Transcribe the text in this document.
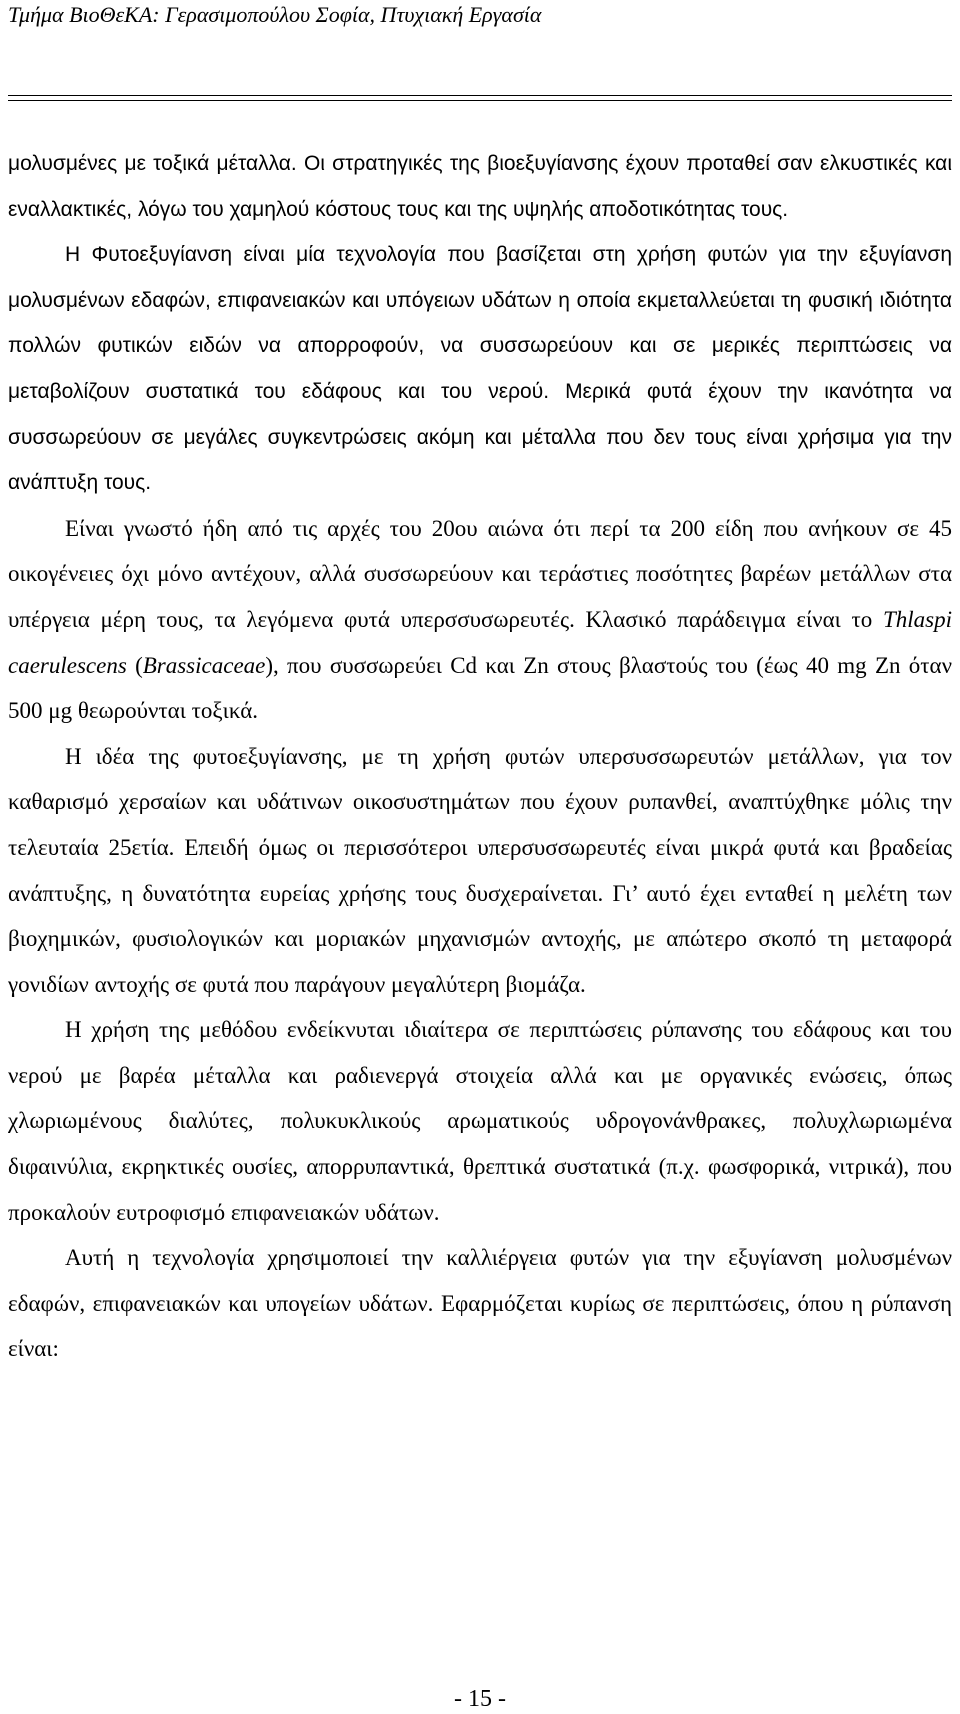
Τμήμα ΒιοΘεΚΑ: Γερασιμοπούλου Σοφία, Πτυχιακή Εργασία

μολυσμένες με τοξικά μέταλλα. Οι στρατηγικές της βιοεξυγίανσης έχουν προταθεί σαν ελκυστικές και εναλλακτικές, λόγω του χαμηλού κόστους τους και της υψηλής αποδοτικότητας τους.

Η Φυτοεξυγίανση είναι μία τεχνολογία που βασίζεται στη χρήση φυτών για την εξυγίανση μολυσμένων εδαφών, επιφανειακών και υπόγειων υδάτων η οποία εκμεταλλεύεται τη φυσική ιδιότητα πολλών φυτικών ειδών να απορροφούν, να συσσωρεύουν και σε μερικές περιπτώσεις να μεταβολίζουν συστατικά του εδάφους και του νερού. Μερικά φυτά έχουν την ικανότητα να συσσωρεύουν σε μεγάλες συγκεντρώσεις ακόμη και μέταλλα που δεν τους είναι χρήσιμα για την ανάπτυξη τους.

Είναι γνωστό ήδη από τις αρχές του 20ου αιώνα ότι περί τα 200 είδη που ανήκουν σε 45 οικογένειες όχι μόνο αντέχουν, αλλά συσσωρεύουν και τεράστιες ποσότητες βαρέων μετάλλων στα υπέργεια μέρη τους, τα λεγόμενα φυτά υπερσσυσωρευτές. Κλασικό παράδειγμα είναι το Thlaspi caerulescens (Brassicaceae), που συσσωρεύει Cd και Zn στους βλαστούς του (έως 40 mg Zn όταν 500 μg θεωρούνται τοξικά.

Η ιδέα της φυτοεξυγίανσης, με τη χρήση φυτών υπερσυσσωρευτών μετάλλων, για τον καθαρισμό χερσαίων και υδάτινων οικοσυστημάτων που έχουν ρυπανθεί, αναπτύχθηκε μόλις την τελευταία 25ετία. Επειδή όμως οι περισσότεροι υπερσυσσωρευτές είναι μικρά φυτά και βραδείας ανάπτυξης, η δυνατότητα ευρείας χρήσης τους δυσχεραίνεται. Γι’ αυτό έχει ενταθεί η μελέτη των βιοχημικών, φυσιολογικών και μοριακών μηχανισμών αντοχής, με απώτερο σκοπό τη μεταφορά γονιδίων αντοχής σε φυτά που παράγουν μεγαλύτερη βιομάζα.

Η χρήση της μεθόδου ενδείκνυται ιδιαίτερα σε περιπτώσεις ρύπανσης του εδάφους και του νερού με βαρέα μέταλλα και ραδιενεργά στοιχεία αλλά και με οργανικές ενώσεις, όπως χλωριωμένους διαλύτες, πολυκυκλικούς αρωματικούς υδρογονάνθρακες, πολυχλωριωμένα διφαινύλια, εκρηκτικές ουσίες, απορρυπαντικά, θρεπτικά συστατικά (π.χ. φωσφορικά, νιτρικά), που προκαλούν ευτροφισμό επιφανειακών υδάτων.

Αυτή η τεχνολογία χρησιμοποιεί την καλλιέργεια φυτών για την εξυγίανση μολυσμένων εδαφών, επιφανειακών και υπογείων υδάτων. Εφαρμόζεται κυρίως σε περιπτώσεις, όπου η ρύπανση είναι:

- 15 -
